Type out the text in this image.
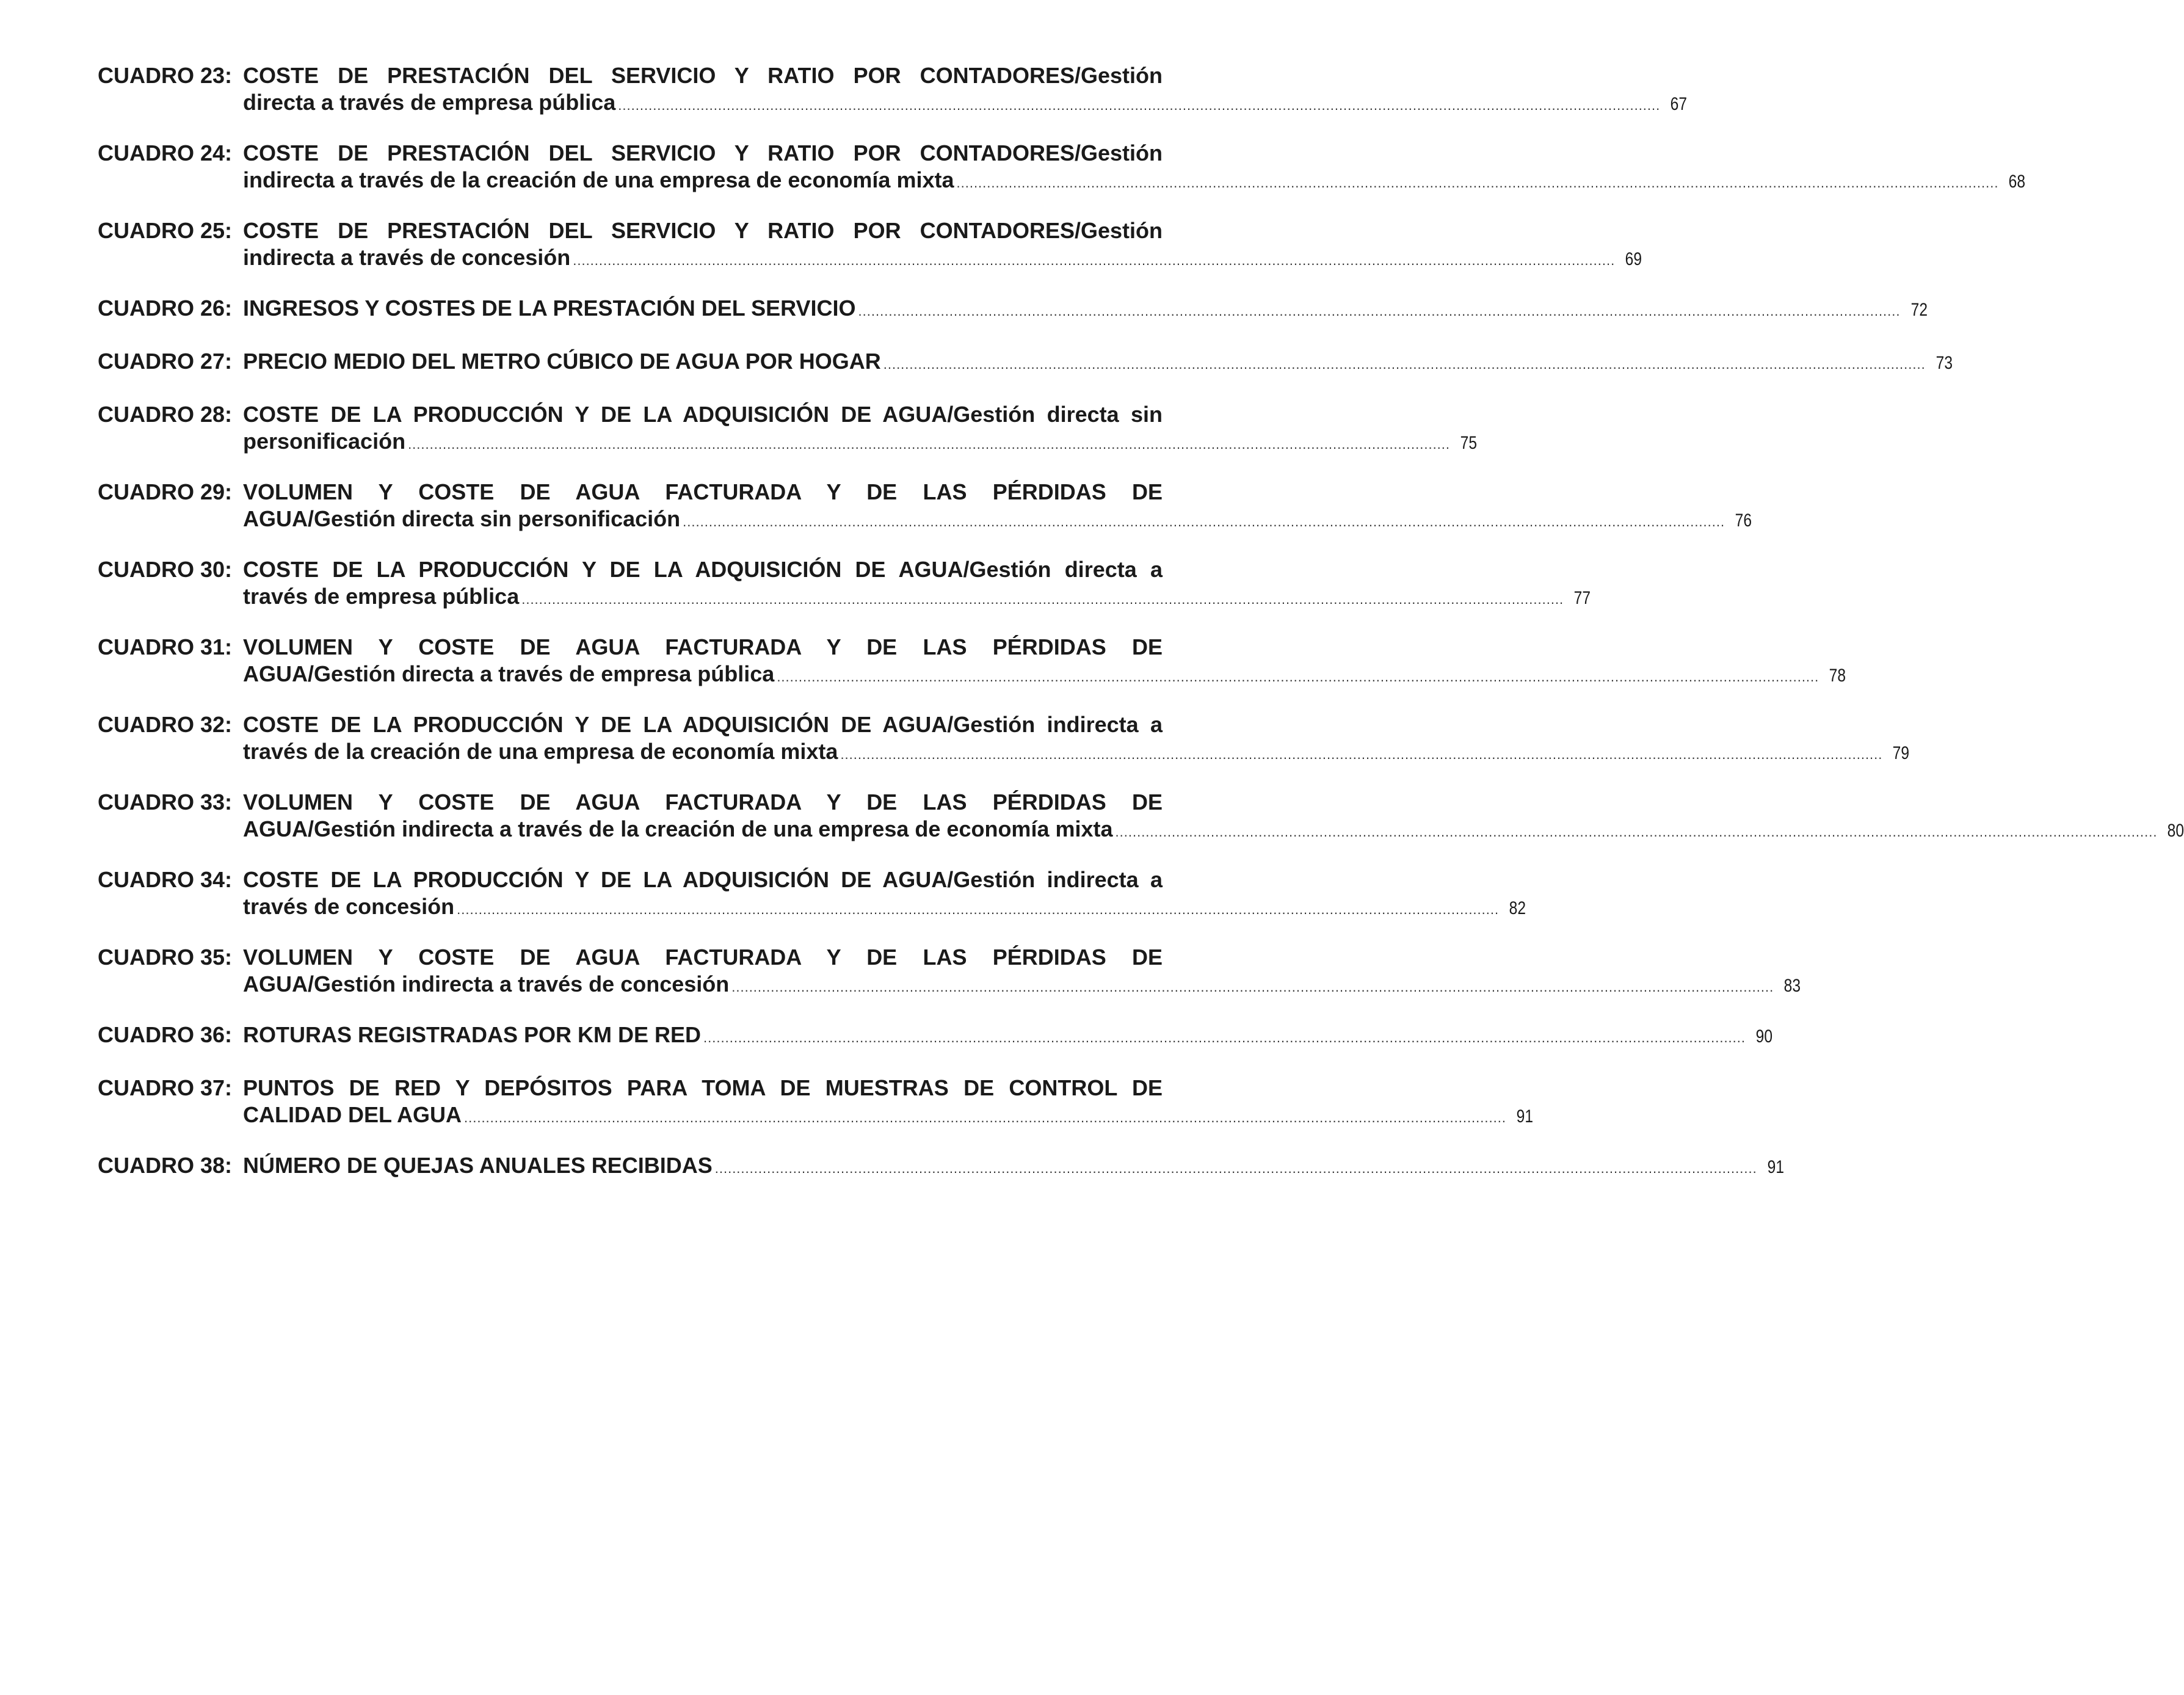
CUADRO 23: COSTE DE PRESTACIÓN DEL SERVICIO Y RATIO POR CONTADORES/Gestión
directa a través de empresa pública ................................................................................................................................................................................................................................................ 67
CUADRO 24: COSTE DE PRESTACIÓN DEL SERVICIO Y RATIO POR CONTADORES/Gestión
indirecta a través de la creación de una empresa de economía mixta ................................................................................................................................................................................................................................................ 68
CUADRO 25: COSTE DE PRESTACIÓN DEL SERVICIO Y RATIO POR CONTADORES/Gestión
indirecta a través de concesión ................................................................................................................................................................................................................................................ 69
CUADRO 26: INGRESOS Y COSTES DE LA PRESTACIÓN DEL SERVICIO ................................................................................................................................................................................................................................................ 72
CUADRO 27: PRECIO MEDIO DEL METRO CÚBICO DE AGUA POR HOGAR ................................................................................................................................................................................................................................................ 73
CUADRO 28: COSTE DE LA PRODUCCIÓN Y DE LA ADQUISICIÓN DE AGUA/Gestión directa sin
personificación ................................................................................................................................................................................................................................................ 75
CUADRO 29: VOLUMEN Y COSTE DE AGUA FACTURADA Y DE LAS PÉRDIDAS DE
AGUA/Gestión directa sin personificación ................................................................................................................................................................................................................................................ 76
CUADRO 30: COSTE DE LA PRODUCCIÓN Y DE LA ADQUISICIÓN DE AGUA/Gestión directa a
través de empresa pública ................................................................................................................................................................................................................................................ 77
CUADRO 31: VOLUMEN Y COSTE DE AGUA FACTURADA Y DE LAS PÉRDIDAS DE
AGUA/Gestión directa a través de empresa pública ................................................................................................................................................................................................................................................ 78
CUADRO 32: COSTE DE LA PRODUCCIÓN Y DE LA ADQUISICIÓN DE AGUA/Gestión indirecta a
través de la creación de una empresa de economía mixta ................................................................................................................................................................................................................................................ 79
CUADRO 33: VOLUMEN Y COSTE DE AGUA FACTURADA Y DE LAS PÉRDIDAS DE
AGUA/Gestión indirecta a través de la creación de una empresa de economía mixta ................................................................................................................................................................................................................................................ 80
CUADRO 34: COSTE DE LA PRODUCCIÓN Y DE LA ADQUISICIÓN DE AGUA/Gestión indirecta a
través de concesión ................................................................................................................................................................................................................................................ 82
CUADRO 35: VOLUMEN Y COSTE DE AGUA FACTURADA Y DE LAS PÉRDIDAS DE
AGUA/Gestión indirecta a través de concesión ................................................................................................................................................................................................................................................ 83
CUADRO 36: ROTURAS REGISTRADAS POR KM DE RED ................................................................................................................................................................................................................................................ 90
CUADRO 37: PUNTOS DE RED Y DEPÓSITOS PARA TOMA DE MUESTRAS DE CONTROL DE
CALIDAD DEL AGUA ................................................................................................................................................................................................................................................ 91
CUADRO 38: NÚMERO DE QUEJAS ANUALES RECIBIDAS ................................................................................................................................................................................................................................................ 91
